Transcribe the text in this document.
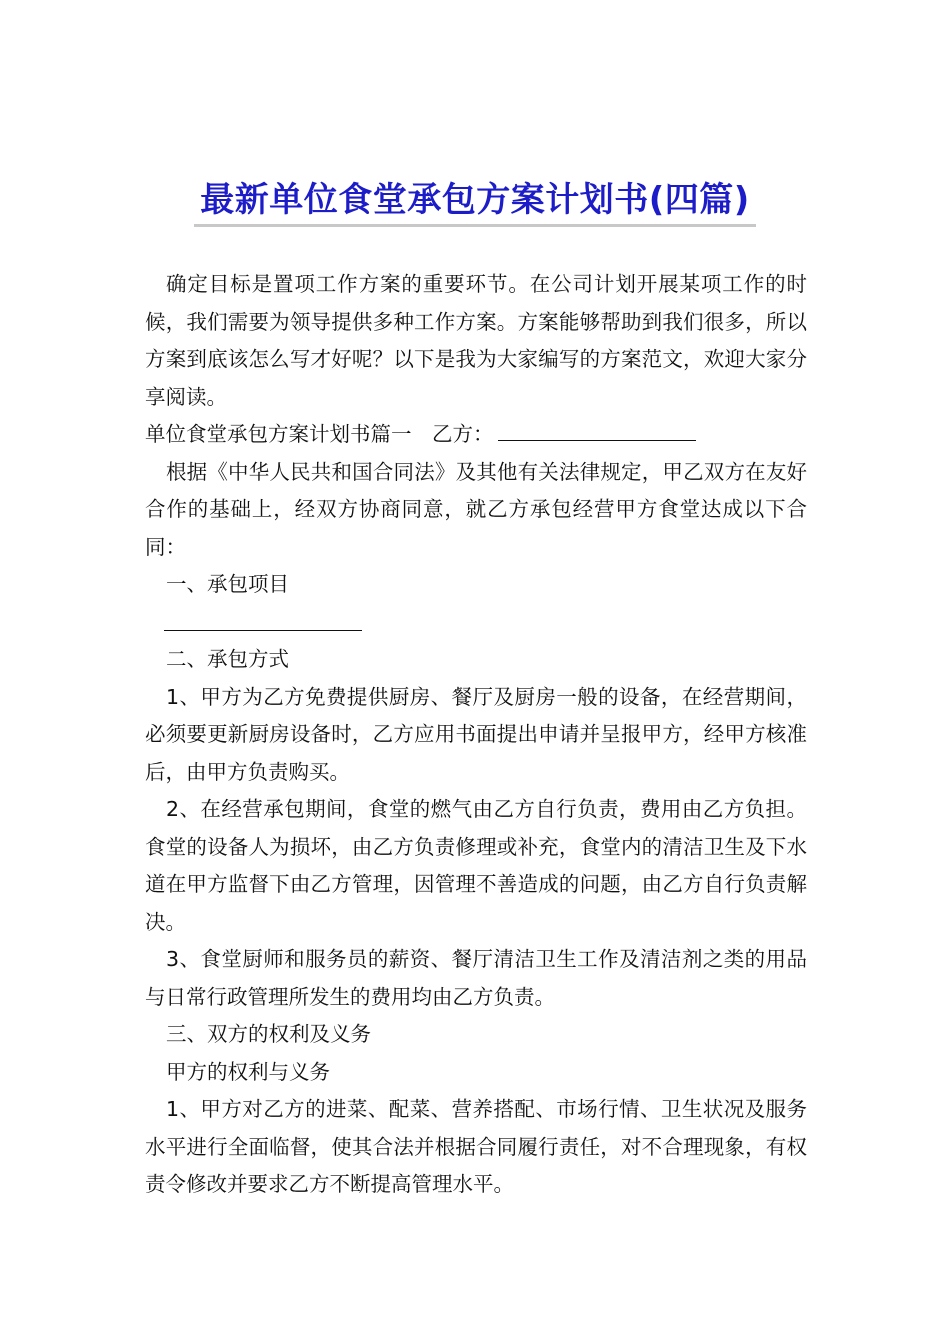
最新单位食堂承包方案计划书(四篇)

确定目标是置项工作方案的重要环节。在公司计划开展某项工作的时候，我们需要为领导提供多种工作方案。方案能够帮助到我们很多，所以方案到底该怎么写才好呢？以下是我为大家编写的方案范文，欢迎大家分享阅读。

单位食堂承包方案计划书篇一　乙方：

根据《中华人民共和国合同法》及其他有关法律规定，甲乙双方在友好合作的基础上，经双方协商同意，就乙方承包经营甲方食堂达成以下合同：

一、承包项目

二、承包方式

1、甲方为乙方免费提供厨房、餐厅及厨房一般的设备，在经营期间，必须要更新厨房设备时，乙方应用书面提出申请并呈报甲方，经甲方核准后，由甲方负责购买。

2、在经营承包期间，食堂的燃气由乙方自行负责，费用由乙方负担。食堂的设备人为损坏，由乙方负责修理或补充，食堂内的清洁卫生及下水道在甲方监督下由乙方管理，因管理不善造成的问题，由乙方自行负责解决。

3、食堂厨师和服务员的薪资、餐厅清洁卫生工作及清洁剂之类的用品与日常行政管理所发生的费用均由乙方负责。

三、双方的权利及义务

甲方的权利与义务

1、甲方对乙方的进菜、配菜、营养搭配、市场行情、卫生状况及服务水平进行全面临督，使其合法并根据合同履行责任，对不合理现象，有权责令修改并要求乙方不断提高管理水平。
